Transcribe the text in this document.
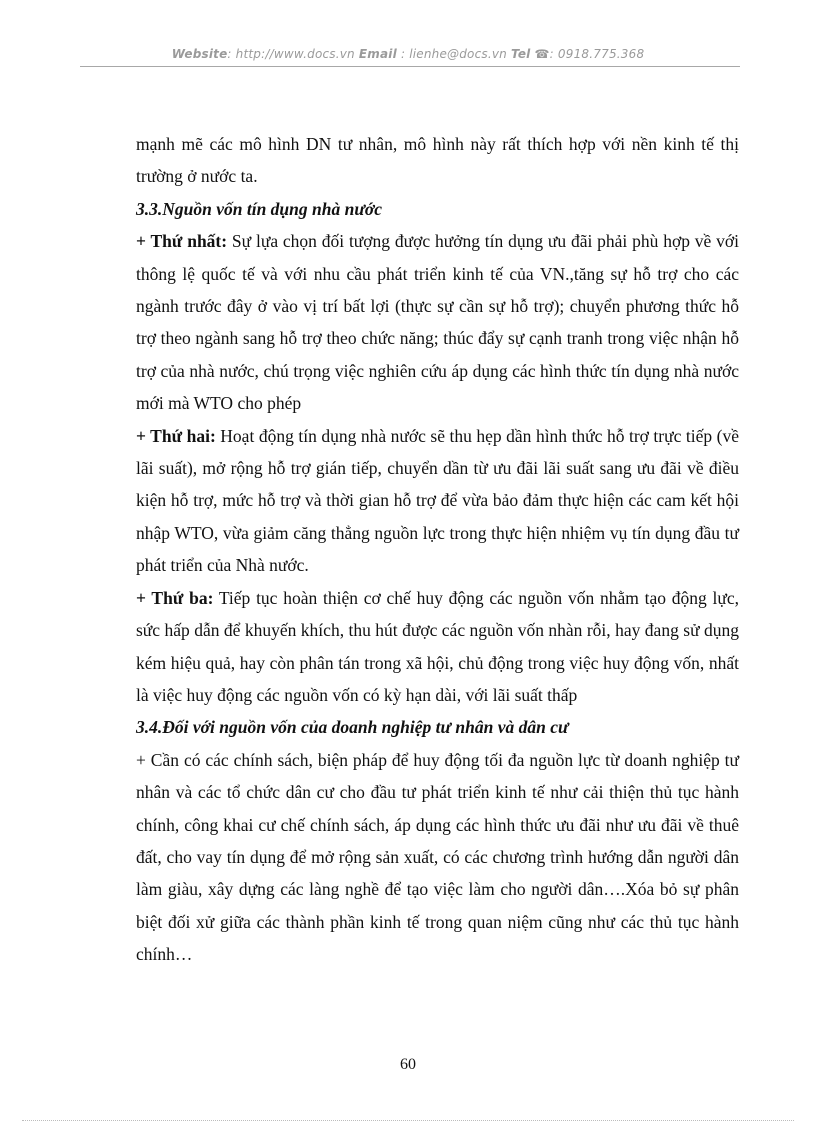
Website: http://www.docs.vn Email : lienhe@docs.vn Tel ☎: 0918.775.368

mạnh mẽ các mô hình DN tư nhân, mô hình này rất thích hợp với nền kinh tế thị trường ở nước ta.

3.3.Nguồn vốn tín dụng nhà nước

+ Thứ nhất: Sự lựa chọn đối tượng được hưởng tín dụng ưu đãi phải phù hợp về với thông lệ quốc tế và với nhu cầu phát triển kinh tế của VN.,tăng sự hỗ trợ cho các ngành trước đây ở vào vị trí bất lợi (thực sự cần sự hỗ trợ); chuyển phương thức hỗ trợ theo ngành sang hỗ trợ theo chức năng; thúc đẩy sự cạnh tranh trong việc nhận hỗ trợ của nhà nước, chú trọng việc nghiên cứu áp dụng các hình thức tín dụng nhà nước mới mà WTO cho phép

+ Thứ hai: Hoạt động tín dụng nhà nước sẽ thu hẹp dần hình thức hỗ trợ trực tiếp (về lãi suất), mở rộng hỗ trợ gián tiếp, chuyển dần từ ưu đãi lãi suất sang ưu đãi về điều kiện hỗ trợ, mức hỗ trợ và thời gian hỗ trợ để vừa bảo đảm thực hiện các cam kết hội nhập WTO, vừa giảm căng thẳng nguồn lực trong thực hiện nhiệm vụ tín dụng đầu tư phát triển của Nhà nước.

+ Thứ ba: Tiếp tục hoàn thiện cơ chế huy động các nguồn vốn nhằm tạo động lực, sức hấp dẫn để khuyến khích, thu hút được các nguồn vốn nhàn rỗi, hay đang sử dụng kém hiệu quả, hay còn phân tán trong xã hội, chủ động trong việc huy động vốn, nhất là việc huy động các nguồn vốn có kỳ hạn dài, với lãi suất thấp

3.4.Đối với nguồn vốn của doanh nghiệp tư nhân và dân cư

+ Cần có các chính sách, biện pháp để huy động tối đa nguồn lực từ doanh nghiệp tư nhân và các tổ chức dân cư cho đầu tư phát triển kinh tế như cải thiện thủ tục hành chính, công khai cư chế chính sách, áp dụng các hình thức ưu đãi như ưu đãi về thuê đất, cho vay tín dụng để mở rộng sản xuất, có các chương trình hướng dẫn người dân làm giàu, xây dựng các làng nghề để tạo việc làm cho người dân….Xóa bỏ sự phân biệt đối xử giữa các thành phần kinh tế trong quan niệm cũng như các thủ tục hành chính…

60
